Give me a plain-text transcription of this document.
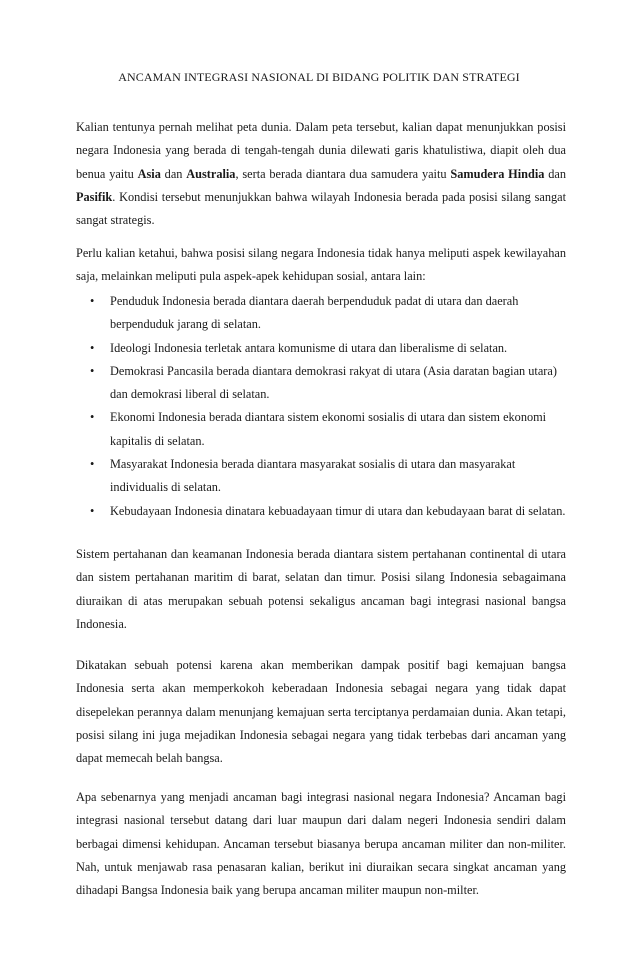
ANCAMAN INTEGRASI NASIONAL DI BIDANG POLITIK DAN STRATEGI

Kalian tentunya pernah melihat peta dunia. Dalam peta tersebut, kalian dapat menunjukkan posisi negara Indonesia yang berada di tengah-tengah dunia dilewati garis khatulistiwa, diapit oleh dua benua yaitu Asia dan Australia, serta berada diantara dua samudera yaitu Samudera Hindia dan Pasifik. Kondisi tersebut menunjukkan bahwa wilayah Indonesia berada pada posisi silang sangat sangat strategis.

Perlu kalian ketahui, bahwa posisi silang negara Indonesia tidak hanya meliputi aspek kewilayahan saja, melainkan meliputi pula aspek-apek kehidupan sosial, antara lain:

• Penduduk Indonesia berada diantara daerah berpenduduk padat di utara dan daerah berpenduduk jarang di selatan.
• Ideologi Indonesia terletak antara komunisme di utara dan liberalisme di selatan.
• Demokrasi Pancasila berada diantara demokrasi rakyat di utara (Asia daratan bagian utara) dan demokrasi liberal di selatan.
• Ekonomi Indonesia berada diantara sistem ekonomi sosialis di utara dan sistem ekonomi kapitalis di selatan.
• Masyarakat Indonesia berada diantara masyarakat sosialis di utara dan masyarakat individualis di selatan.
• Kebudayaan Indonesia dinatara kebuadayaan timur di utara dan kebudayaan barat di selatan.

Sistem pertahanan dan keamanan Indonesia berada diantara sistem pertahanan continental di utara dan sistem pertahanan maritim di barat, selatan dan timur. Posisi silang Indonesia sebagaimana diuraikan di atas merupakan sebuah potensi sekaligus ancaman bagi integrasi nasional bangsa Indonesia.

Dikatakan sebuah potensi karena akan memberikan dampak positif bagi kemajuan bangsa Indonesia serta akan memperkokoh keberadaan Indonesia sebagai negara yang tidak dapat disepelekan perannya dalam menunjang kemajuan serta terciptanya perdamaian dunia. Akan tetapi, posisi silang ini juga mejadikan Indonesia sebagai negara yang tidak terbebas dari ancaman yang dapat memecah belah bangsa.

Apa sebenarnya yang menjadi ancaman bagi integrasi nasional negara Indonesia? Ancaman bagi integrasi nasional tersebut datang dari luar maupun dari dalam negeri Indonesia sendiri dalam berbagai dimensi kehidupan. Ancaman tersebut biasanya berupa ancaman militer dan non-militer. Nah, untuk menjawab rasa penasaran kalian, berikut ini diuraikan secara singkat ancaman yang dihadapi Bangsa Indonesia baik yang berupa ancaman militer maupun non-milter.
